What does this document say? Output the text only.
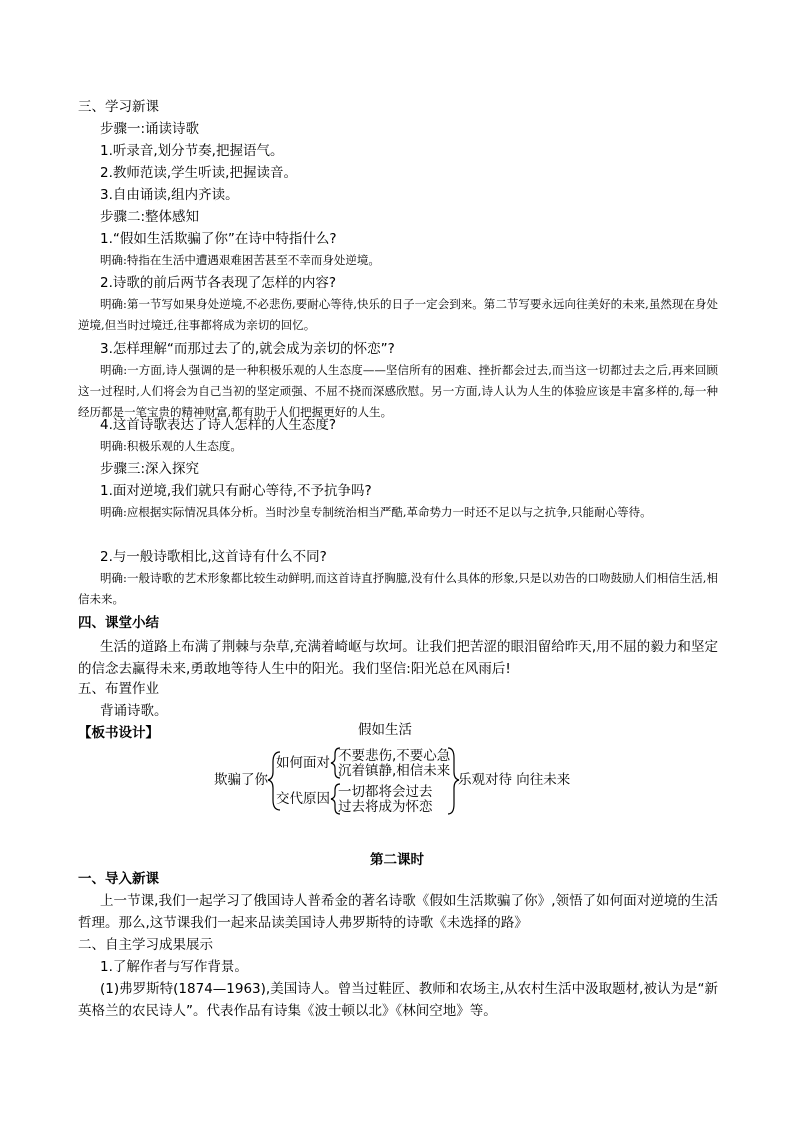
三、学习新课
步骤一:诵读诗歌
1.听录音,划分节奏,把握语气。
2.教师范读,学生听读,把握读音。
3.自由诵读,组内齐读。
步骤二:整体感知
1.“假如生活欺骗了你”在诗中特指什么?
明确:特指在生活中遭遇艰难困苦甚至不幸而身处逆境。
2.诗歌的前后两节各表现了怎样的内容?
明确:第一节写如果身处逆境,不必悲伤,要耐心等待,快乐的日子一定会到来。第二节写要永远向往美好的未来,虽然现在身处逆境,但当时过境迁,往事都将成为亲切的回忆。
3.怎样理解“而那过去了的,就会成为亲切的怀恋”?
明确:一方面,诗人强调的是一种积极乐观的人生态度——坚信所有的困难、挫折都会过去,而当这一切都过去之后,再来回顾这一过程时,人们将会为自己当初的坚定顽强、不屈不挠而深感欣慰。另一方面,诗人认为人生的体验应该是丰富多样的,每一种经历都是一笔宝贵的精神财富,都有助于人们把握更好的人生。
4.这首诗歌表达了诗人怎样的人生态度?
明确:积极乐观的人生态度。
步骤三:深入探究
1.面对逆境,我们就只有耐心等待,不予抗争吗?
明确:应根据实际情况具体分析。当时沙皇专制统治相当严酷,革命势力一时还不足以与之抗争,只能耐心等待。
2.与一般诗歌相比,这首诗有什么不同?
明确:一般诗歌的艺术形象都比较生动鲜明,而这首诗直抒胸臆,没有什么具体的形象,只是以劝告的口吻鼓励人们相信生活,相信未来。
四、课堂小结
生活的道路上布满了荆棘与杂草,充满着崎岖与坎坷。让我们把苦涩的眼泪留给昨天,用不屈的毅力和坚定的信念去赢得未来,勇敢地等待人生中的阳光。我们坚信:阳光总在风雨后!
五、布置作业
背诵诗歌。
【板书设计】	假如生活
欺骗了你
如何面对
交代原因
不要悲伤,不要心急
沉着镇静,相信未来
一切都将会过去
过去将成为怀恋
乐观对待 向往未来
第二课时
一、导入新课
上一节课,我们一起学习了俄国诗人普希金的著名诗歌《假如生活欺骗了你》,领悟了如何面对逆境的生活哲理。那么,这节课我们一起来品读美国诗人弗罗斯特的诗歌《未选择的路》
二、自主学习成果展示
1.了解作者与写作背景。
(1)弗罗斯特(1874—1963),美国诗人。曾当过鞋匠、教师和农场主,从农村生活中汲取题材,被认为是“新英格兰的农民诗人”。代表作品有诗集《波士顿以北》《林间空地》等。
